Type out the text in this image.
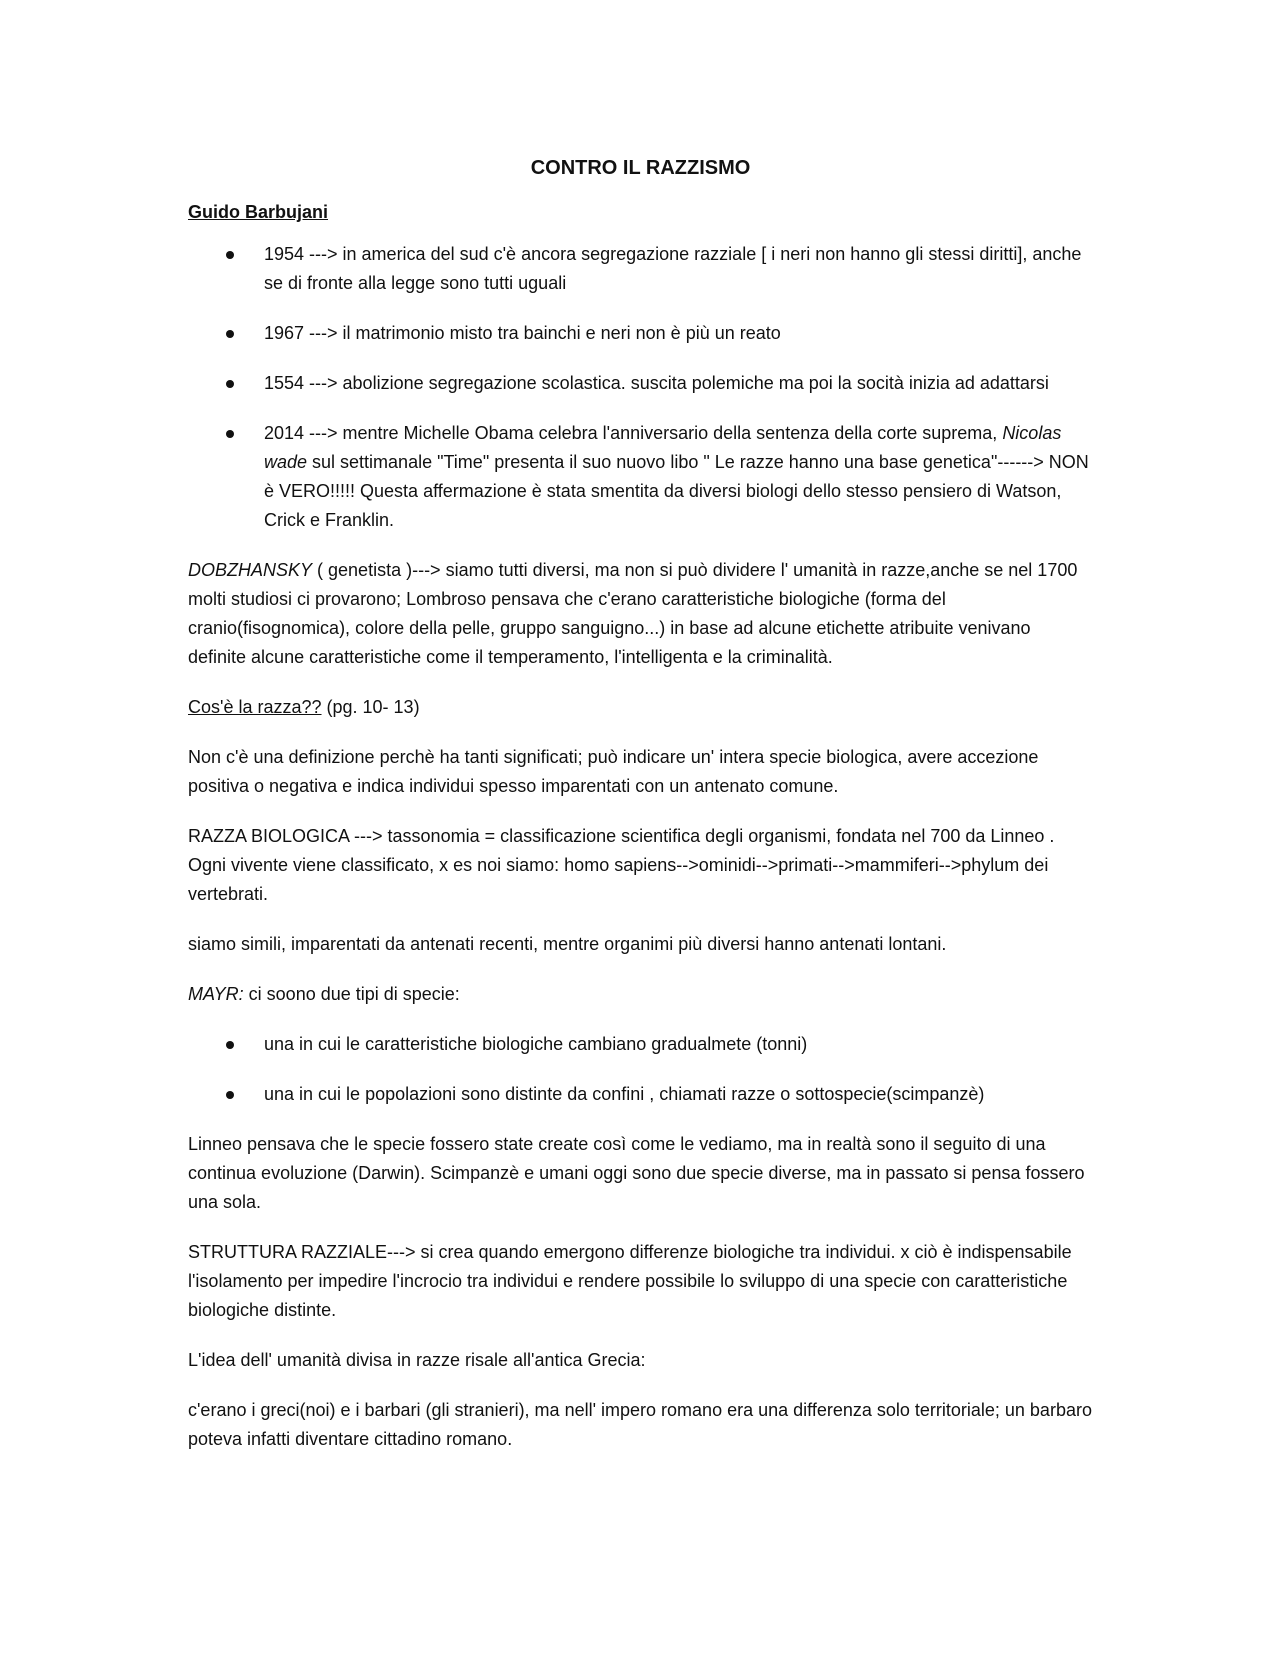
CONTRO IL RAZZISMO
Guido Barbujani
1954 ---> in america del sud c'è ancora segregazione razziale [ i neri non hanno gli stessi diritti], anche se di fronte alla legge sono tutti uguali
1967 ---> il matrimonio misto tra bainchi e neri non è più un reato
1554 ---> abolizione segregazione scolastica. suscita polemiche ma poi la socità inizia ad adattarsi
2014 ---> mentre Michelle Obama celebra l'anniversario della sentenza della corte suprema, Nicolas wade sul settimanale "Time" presenta il suo nuovo libo " Le razze hanno una base genetica"------> NON è VERO!!!!! Questa affermazione è stata smentita da diversi biologi dello stesso pensiero di Watson, Crick e Franklin.

DOBZHANSKY ( genetista )---> siamo tutti diversi, ma non si può dividere l' umanità in razze,anche se nel 1700 molti studiosi ci provarono; Lombroso pensava che c'erano caratteristiche biologiche (forma del cranio(fisognomica), colore della pelle, gruppo sanguigno...) in base ad alcune etichette atribuite venivano definite alcune caratteristiche come il temperamento, l'intelligenta e la criminalità.

Cos'è la razza?? (pg. 10- 13)

Non c'è una definizione perchè ha tanti significati; può indicare un' intera specie biologica, avere accezione positiva o negativa e indica individui spesso imparentati con un antenato comune.

RAZZA BIOLOGICA ---> tassonomia = classificazione scientifica degli organismi, fondata nel 700 da Linneo . Ogni vivente viene classificato, x es noi siamo: homo sapiens-->ominidi-->primati-->mammiferi-->phylum dei vertebrati.

siamo simili, imparentati da antenati recenti, mentre organimi più diversi hanno antenati lontani.

MAYR: ci soono due tipi di specie:

una in cui le caratteristiche biologiche cambiano gradualmete (tonni)
una in cui le popolazioni sono distinte da confini , chiamati razze o sottospecie(scimpanzè)

Linneo pensava che le specie fossero state create così come le vediamo, ma in realtà sono il seguito di una continua evoluzione (Darwin). Scimpanzè e umani oggi sono due specie diverse, ma in passato si pensa fossero una sola.

STRUTTURA RAZZIALE---> si crea quando emergono differenze biologiche tra individui. x ciò è indispensabile l'isolamento per impedire l'incrocio tra individui e rendere possibile lo sviluppo di una specie con caratteristiche biologiche distinte.

L'idea dell' umanità divisa in razze risale all'antica Grecia:

c'erano i greci(noi) e i barbari (gli stranieri), ma nell' impero romano era una differenza solo territoriale; un barbaro poteva infatti diventare cittadino romano.
